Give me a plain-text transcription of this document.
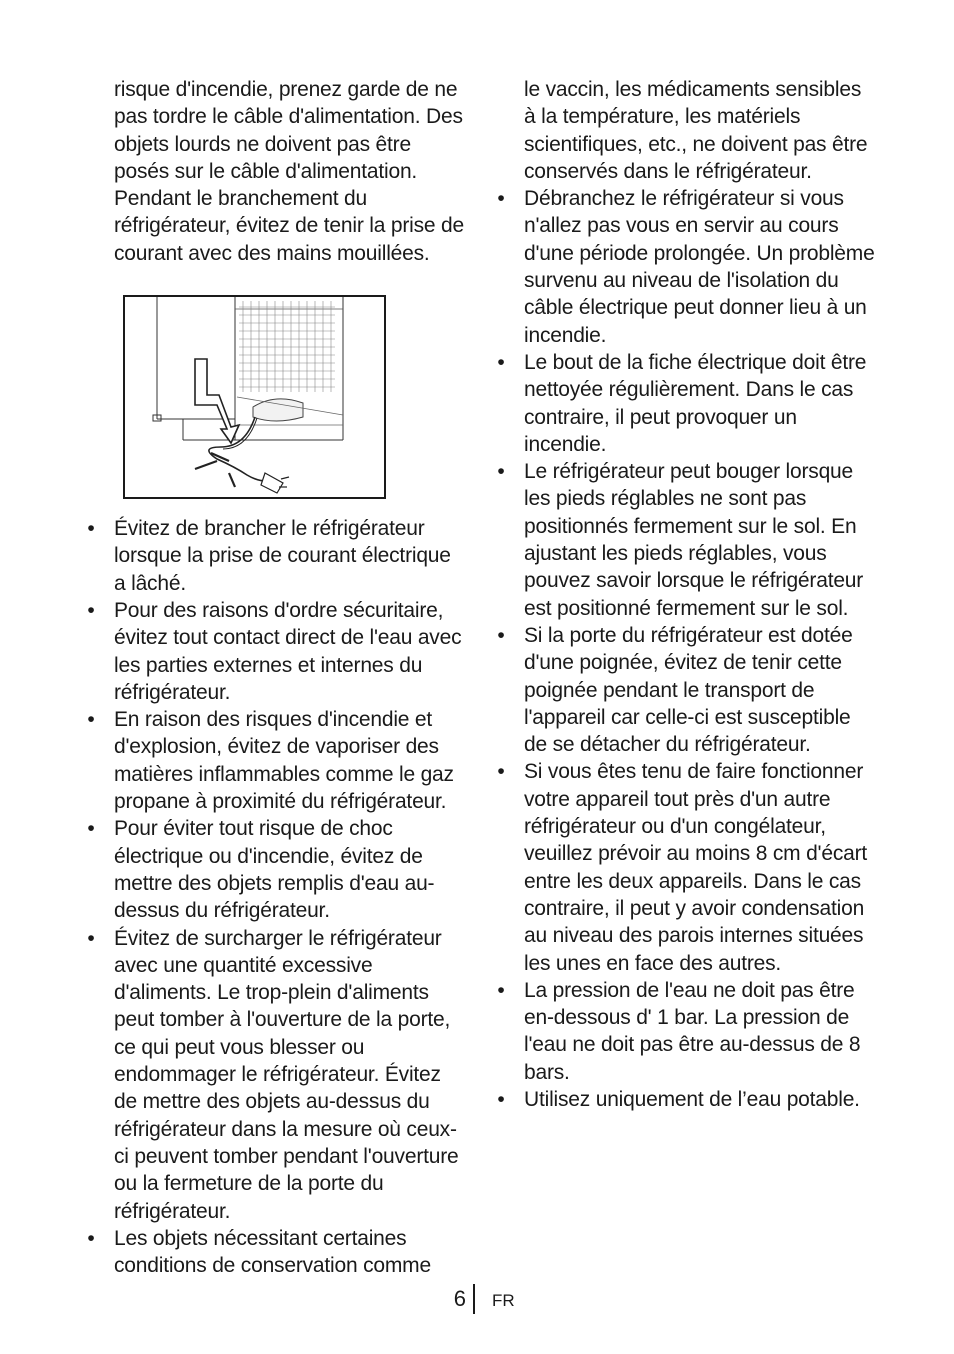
risque d'incendie, prenez garde de ne pas tordre le câble d'alimentation. Des objets lourds ne doivent pas être posés sur le câble d'alimentation. Pendant le branchement du réfrigérateur, évitez de tenir la prise de courant avec des mains mouillées.

• Évitez de brancher le réfrigérateur lorsque la prise de courant électrique a lâché.
• Pour des raisons d'ordre sécuritaire, évitez tout contact direct de l'eau avec les parties externes et internes du réfrigérateur.
• En raison des risques d'incendie et d'explosion, évitez de vaporiser des matières inflammables comme le gaz propane à proximité du réfrigérateur.
• Pour éviter tout risque de choc électrique ou d'incendie, évitez de mettre des objets remplis d'eau au-dessus du réfrigérateur.
• Évitez de surcharger le réfrigérateur avec une quantité excessive d'aliments. Le trop-plein d'aliments peut tomber à l'ouverture de la porte, ce qui peut vous blesser ou endommager le réfrigérateur. Évitez de mettre des objets au-dessus du réfrigérateur dans la mesure où ceux-ci peuvent tomber pendant l'ouverture ou la fermeture de la porte du réfrigérateur.
• Les objets nécessitant certaines conditions de conservation comme

le vaccin, les médicaments sensibles à la température, les matériels scientifiques, etc., ne doivent pas être conservés dans le réfrigérateur.

• Débranchez le réfrigérateur si vous n'allez pas vous en servir au cours d'une période prolongée. Un problème survenu au niveau de l'isolation du câble électrique peut donner lieu à un incendie.
• Le bout de la fiche électrique doit être nettoyée régulièrement. Dans le cas contraire, il peut provoquer un incendie.
• Le réfrigérateur peut bouger lorsque les pieds réglables ne sont pas positionnés fermement sur le sol. En ajustant les pieds réglables, vous pouvez savoir lorsque le réfrigérateur est positionné fermement sur le sol.
• Si la porte du réfrigérateur est dotée d'une poignée, évitez de tenir cette poignée pendant le transport de l'appareil car celle-ci est susceptible de se détacher du réfrigérateur.
• Si vous êtes tenu de faire fonctionner votre appareil tout près d'un autre réfrigérateur ou d'un congélateur, veuillez prévoir au moins 8 cm d'écart entre les deux appareils. Dans le cas contraire, il peut y avoir condensation au niveau des parois internes situées les unes en face des autres.
• La pression de l'eau ne doit pas être en-dessous d' 1 bar. La pression de l'eau ne doit pas être au-dessus de 8 bars.
• Utilisez uniquement de l’eau potable.
6 FR
